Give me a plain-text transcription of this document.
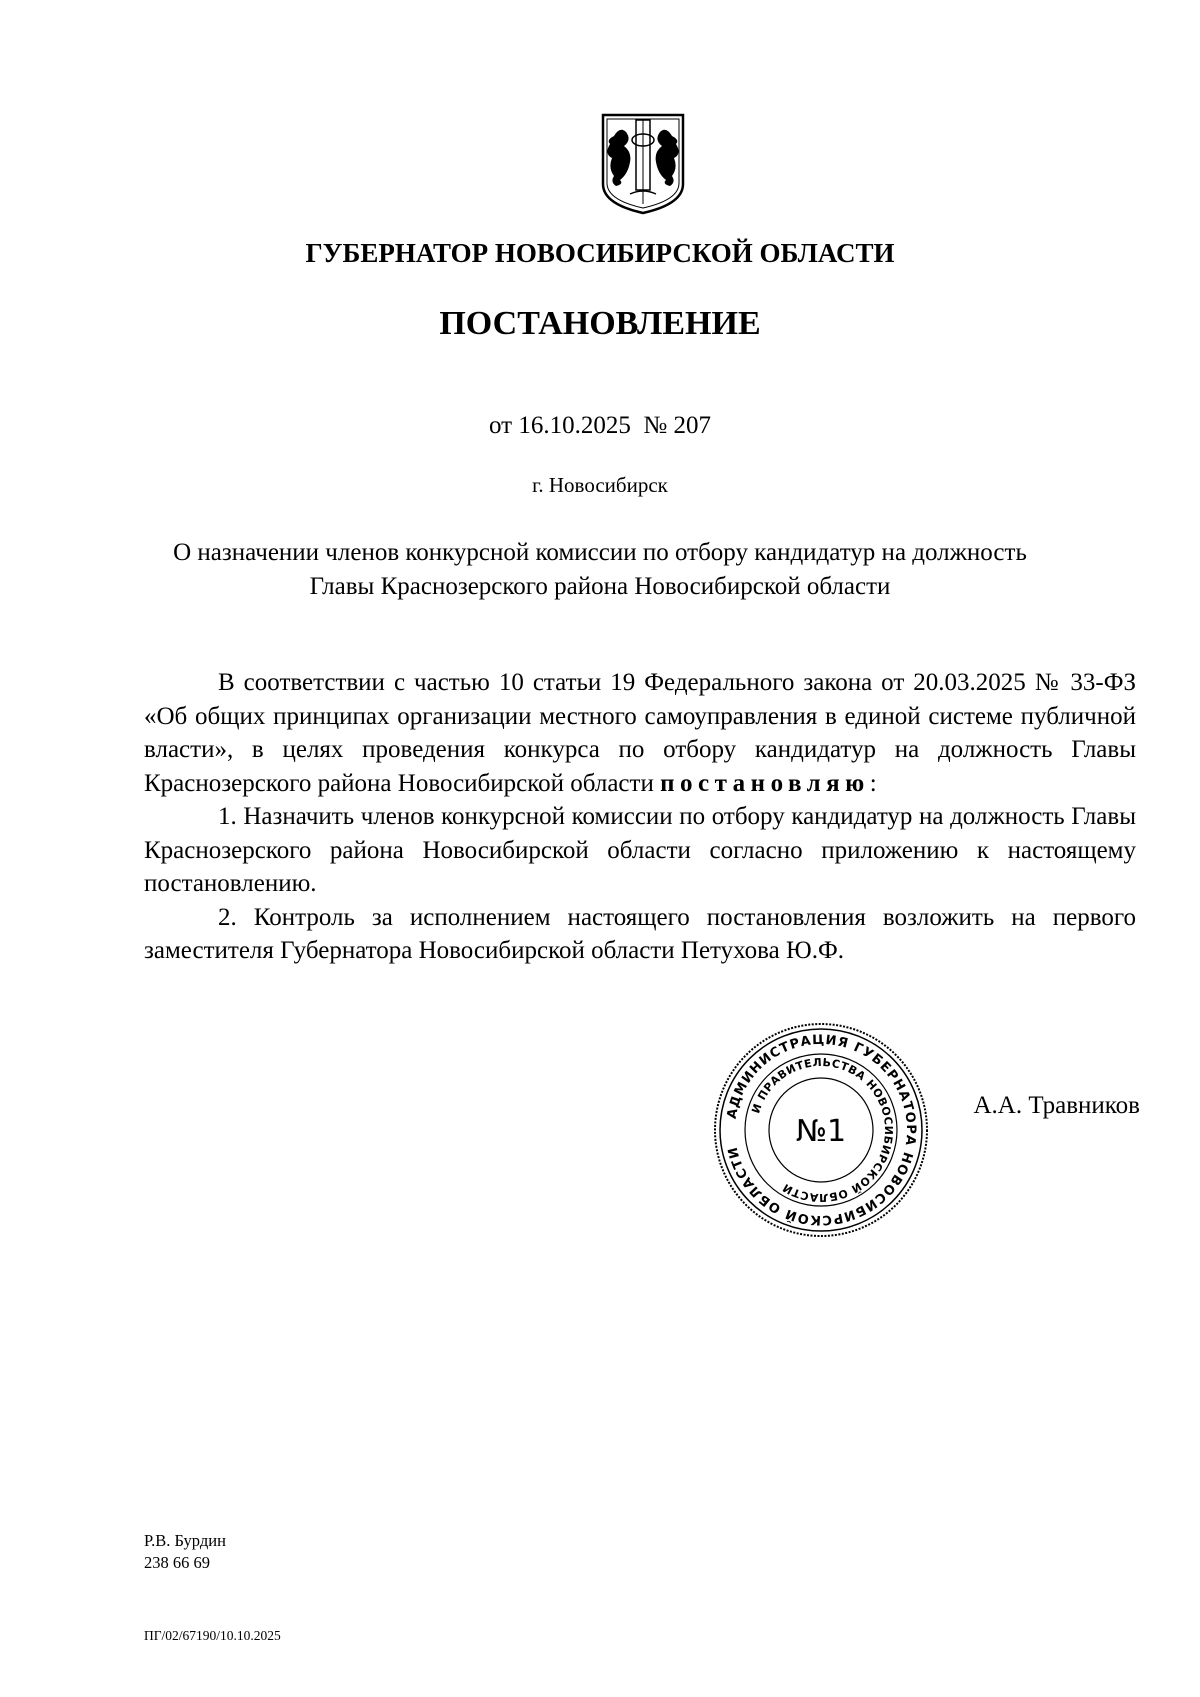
ГУБЕРНАТОР НОВОСИБИРСКОЙ ОБЛАСТИ
ПОСТАНОВЛЕНИЕ
от 16.10.2025  № 207
г. Новосибирск
О назначении членов конкурсной комиссии по отбору кандидатур на должность
Главы Краснозерского района Новосибирской области

В соответствии с частью 10 статьи 19 Федерального закона от 20.03.2025 № 33-ФЗ «Об общих принципах организации местного самоуправления в единой системе публичной власти», в целях проведения конкурса по отбору кандидатур на должность Главы Краснозерского района Новосибирской области постановляю:

1. Назначить членов конкурсной комиссии по отбору кандидатур на должность Главы Краснозерского района Новосибирской области согласно приложению к настоящему постановлению.

2. Контроль за исполнением настоящего постановления возложить на первого заместителя Губернатора Новосибирской области Петухова Ю.Ф.

АДМИНИСТРАЦИЯ ГУБЕРНАТОРА НОВОСИБИРСКОЙ ОБЛАСТИ
И ПРАВИТЕЛЬСТВА НОВОСИБИРСКОЙ ОБЛАСТИ
№1
А.А. Травников
Р.В. Бурдин
238 66 69
ПГ/02/67190/10.10.2025
